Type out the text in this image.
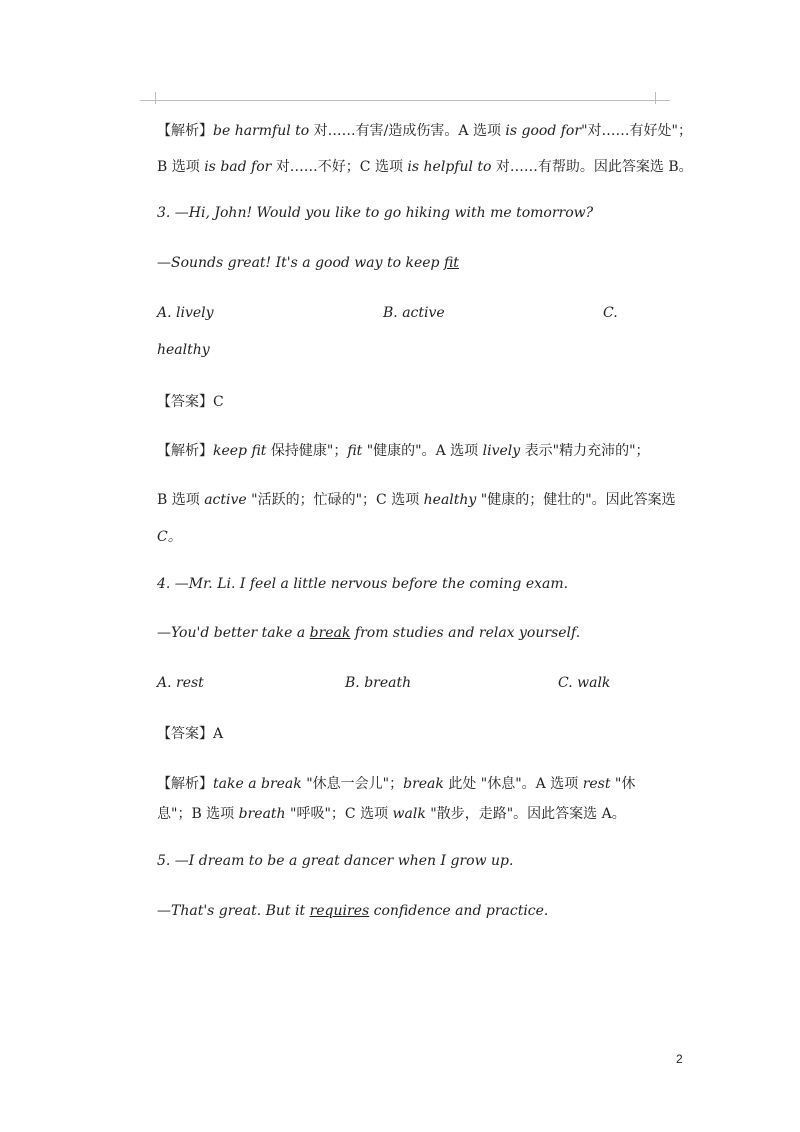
【解析】be harmful to 对……有害/造成伤害。A 选项 is good for"对……有好处"；
B 选项 is bad for 对……不好；C 选项 is helpful to 对……有帮助。因此答案选 B。
3. —Hi, John! Would you like to go hiking with me tomorrow?
—Sounds great! It's a good way to keep fit
A. lively	B. active	C.
healthy
【答案】C
【解析】keep fit 保持健康"；fit "健康的"。A 选项 lively 表示"精力充沛的"；
B 选项 active "活跃的；忙碌的"；C 选项 healthy "健康的；健壮的"。因此答案选
C。
4. —Mr. Li. I feel a little nervous before the coming exam.
—You'd better take a break from studies and relax yourself.
A. rest	B. breath	C. walk
【答案】A
【解析】take a break "休息一会儿"；break 此处 "休息"。A 选项 rest "休
息"；B 选项 breath "呼吸"；C 选项 walk "散步，走路"。因此答案选 A。
5. —I dream to be a great dancer when I grow up.
—That's great. But it requires confidence and practice.
2
